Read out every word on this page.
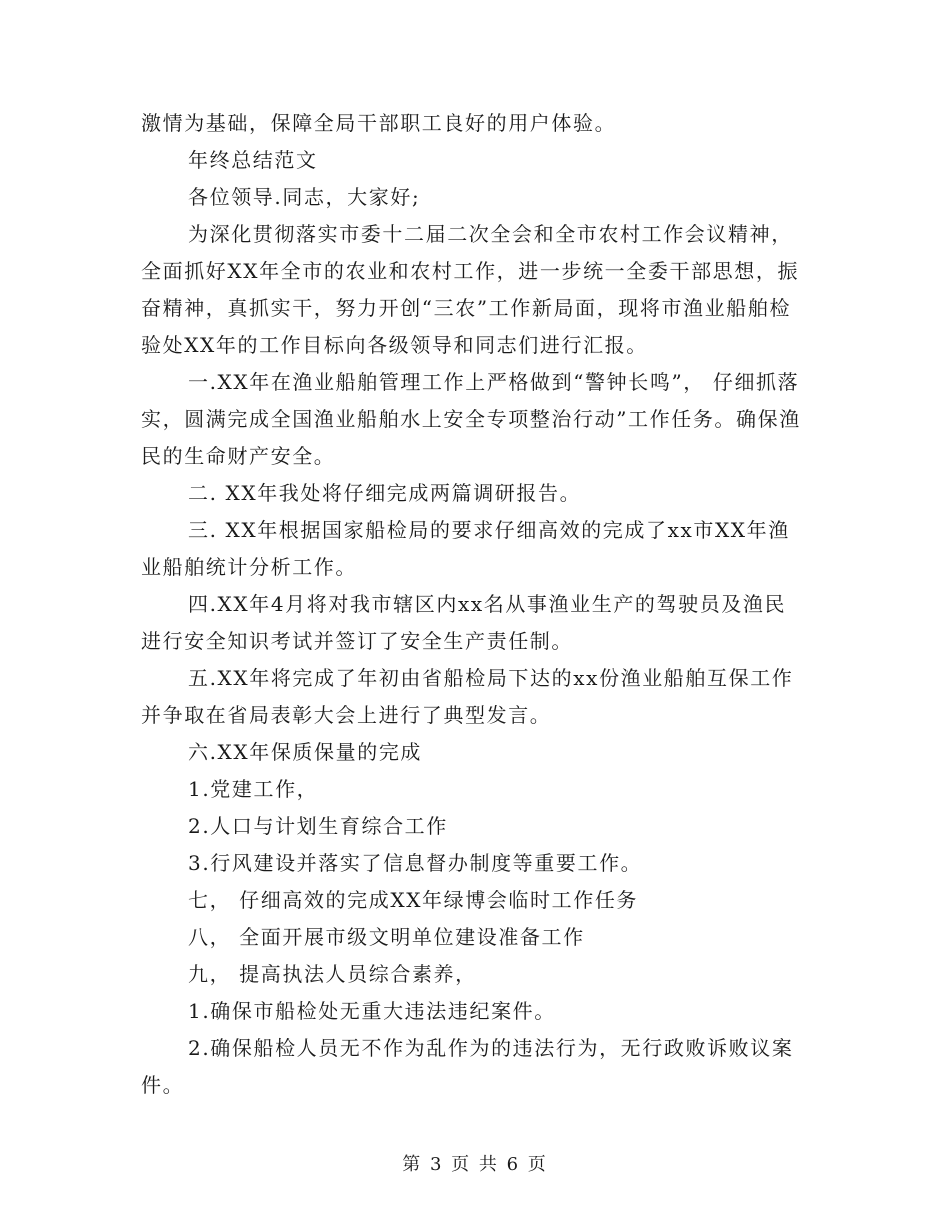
激情为基础，保障全局干部职工良好的用户体验。

年终总结范文

各位领导.同志，大家好;

为深化贯彻落实市委十二届二次全会和全市农村工作会议精神，全面抓好XX年全市的农业和农村工作，进一步统一全委干部思想，振奋精神，真抓实干，努力开创“三农”工作新局面，现将市渔业船舶检验处XX年的工作目标向各级领导和同志们进行汇报。

一.XX年在渔业船舶管理工作上严格做到“警钟长鸣”， 仔细抓落实，圆满完成全国渔业船舶水上安全专项整治行动”工作任务。确保渔民的生命财产安全。

二. XX年我处将仔细完成两篇调研报告。

三. XX年根据国家船检局的要求仔细高效的完成了xx市XX年渔业船舶统计分析工作。

四.XX年4月将对我市辖区内xx名从事渔业生产的驾驶员及渔民进行安全知识考试并签订了安全生产责任制。

五.XX年将完成了年初由省船检局下达的xx份渔业船舶互保工作并争取在省局表彰大会上进行了典型发言。

六.XX年保质保量的完成

1.党建工作，

2.人口与计划生育综合工作

3.行风建设并落实了信息督办制度等重要工作。

七， 仔细高效的完成XX年绿博会临时工作任务

八， 全面开展市级文明单位建设准备工作

九， 提高执法人员综合素养，

1.确保市船检处无重大违法违纪案件。

2.确保船检人员无不作为乱作为的违法行为，无行政败诉败议案件。

第 3 页 共 6 页
